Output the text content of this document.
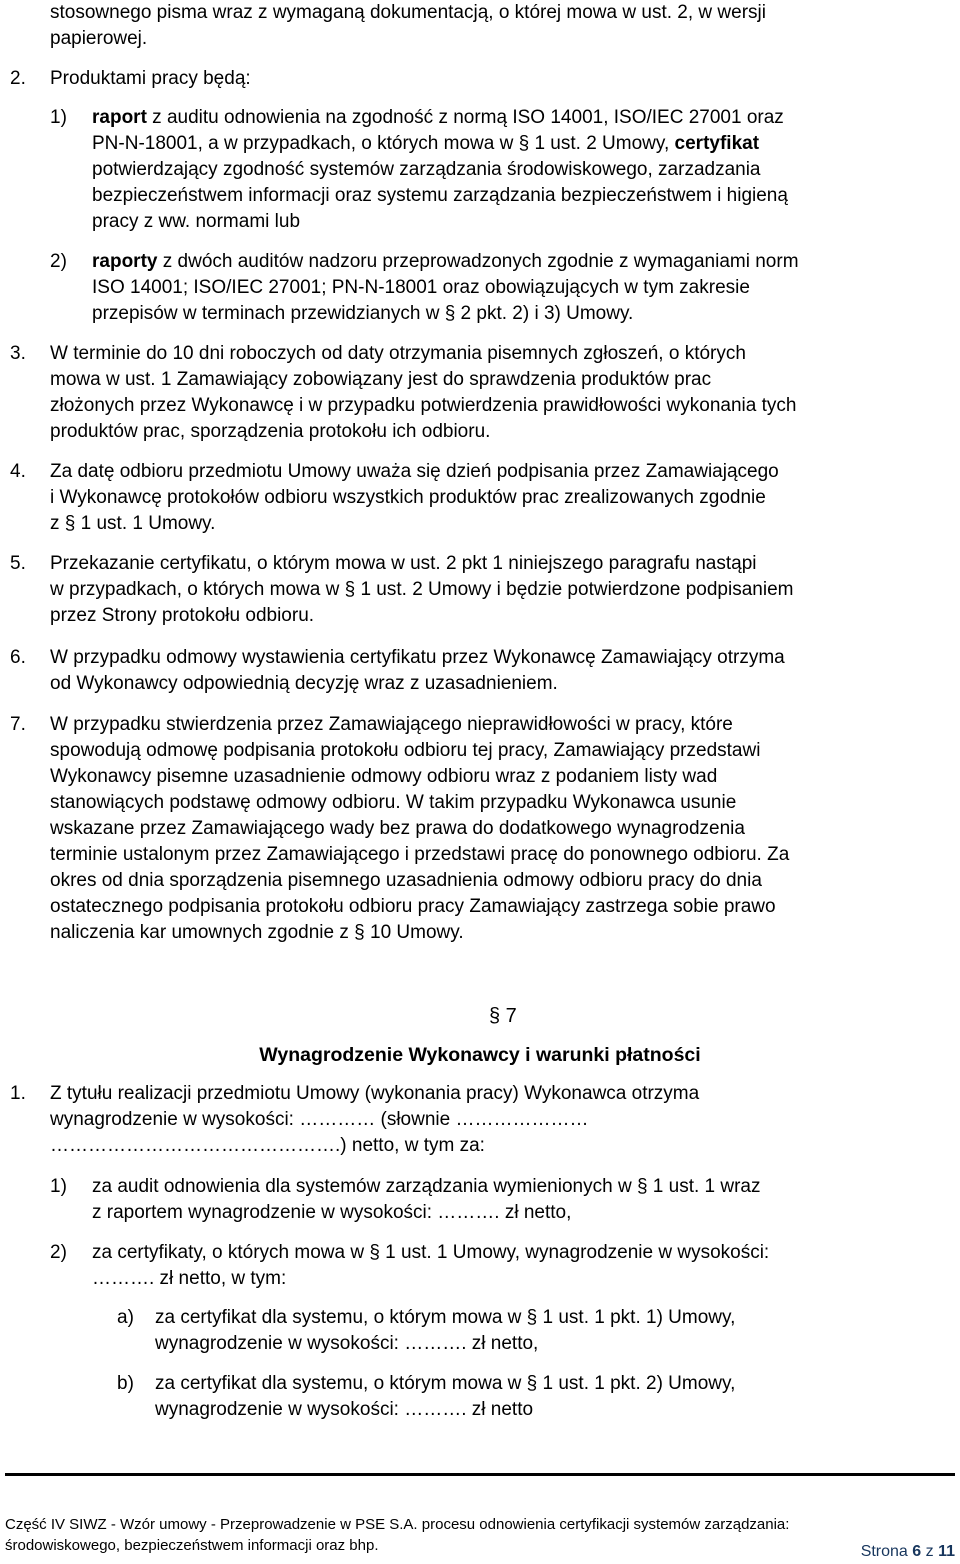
stosownego pisma wraz z wymaganą dokumentacją, o której mowa w ust. 2, w wersji
papierowej.
2. Produktami pracy będą:
1) raport z auditu odnowienia na zgodność z normą ISO 14001, ISO/IEC 27001 oraz
PN-N-18001, a w przypadkach, o których mowa w § 1 ust. 2 Umowy, certyfikat
potwierdzający zgodność systemów zarządzania środowiskowego, zarzadzania
bezpieczeństwem informacji oraz systemu zarządzania bezpieczeństwem i higieną
pracy z ww. normami lub
2) raporty z dwóch auditów nadzoru przeprowadzonych zgodnie z wymaganiami norm
ISO 14001; ISO/IEC 27001; PN-N-18001 oraz obowiązujących w tym zakresie
przepisów w terminach przewidzianych w § 2 pkt. 2) i 3) Umowy.
3. W terminie do 10 dni roboczych od daty otrzymania pisemnych zgłoszeń, o których
mowa w ust. 1 Zamawiający zobowiązany jest do sprawdzenia produktów prac
złożonych przez Wykonawcę i w przypadku potwierdzenia prawidłowości wykonania tych
produktów prac, sporządzenia protokołu ich odbioru.
4. Za datę odbioru przedmiotu Umowy uważa się dzień podpisania przez Zamawiającego
i Wykonawcę protokołów odbioru wszystkich produktów prac zrealizowanych zgodnie
z § 1 ust. 1 Umowy.
5. Przekazanie certyfikatu, o którym mowa w ust. 2 pkt 1 niniejszego paragrafu nastąpi
w przypadkach, o których mowa w § 1 ust. 2 Umowy i będzie potwierdzone podpisaniem
przez Strony protokołu odbioru.
6. W przypadku odmowy wystawienia certyfikatu przez Wykonawcę Zamawiający otrzyma
od Wykonawcy odpowiednią decyzję wraz z uzasadnieniem.
7. W przypadku stwierdzenia przez Zamawiającego nieprawidłowości w pracy, które
spowodują odmowę podpisania protokołu odbioru tej pracy, Zamawiający przedstawi
Wykonawcy pisemne uzasadnienie odmowy odbioru wraz z podaniem listy wad
stanowiących podstawę odmowy odbioru. W takim przypadku Wykonawca usunie
wskazane przez Zamawiającego wady bez prawa do dodatkowego wynagrodzenia
terminie ustalonym przez Zamawiającego i przedstawi pracę do ponownego odbioru. Za
okres od dnia sporządzenia pisemnego uzasadnienia odmowy odbioru pracy do dnia
ostatecznego podpisania protokołu odbioru pracy Zamawiający zastrzega sobie prawo
naliczenia kar umownych zgodnie z § 10 Umowy.
§ 7
Wynagrodzenie Wykonawcy i warunki płatności
1. Z tytułu realizacji przedmiotu Umowy (wykonania pracy) Wykonawca otrzyma
wynagrodzenie w wysokości: ………… (słownie …………………
……………………………………….) netto, w tym za:
1) za audit odnowienia dla systemów zarządzania wymienionych w § 1 ust. 1 wraz
z raportem wynagrodzenie w wysokości: ………. zł netto,
2) za certyfikaty, o których mowa w § 1 ust. 1 Umowy, wynagrodzenie w wysokości:
………. zł netto, w tym:
a) za certyfikat dla systemu, o którym mowa w § 1 ust. 1 pkt. 1) Umowy,
wynagrodzenie w wysokości: ………. zł netto,
b) za certyfikat dla systemu, o którym mowa w § 1 ust. 1 pkt. 2) Umowy,
wynagrodzenie w wysokości: ………. zł netto
Część IV SIWZ - Wzór umowy - Przeprowadzenie w PSE S.A. procesu odnowienia certyfikacji systemów zarządzania:
środowiskowego, bezpieczeństwem informacji oraz bhp.	Strona 6 z 11
